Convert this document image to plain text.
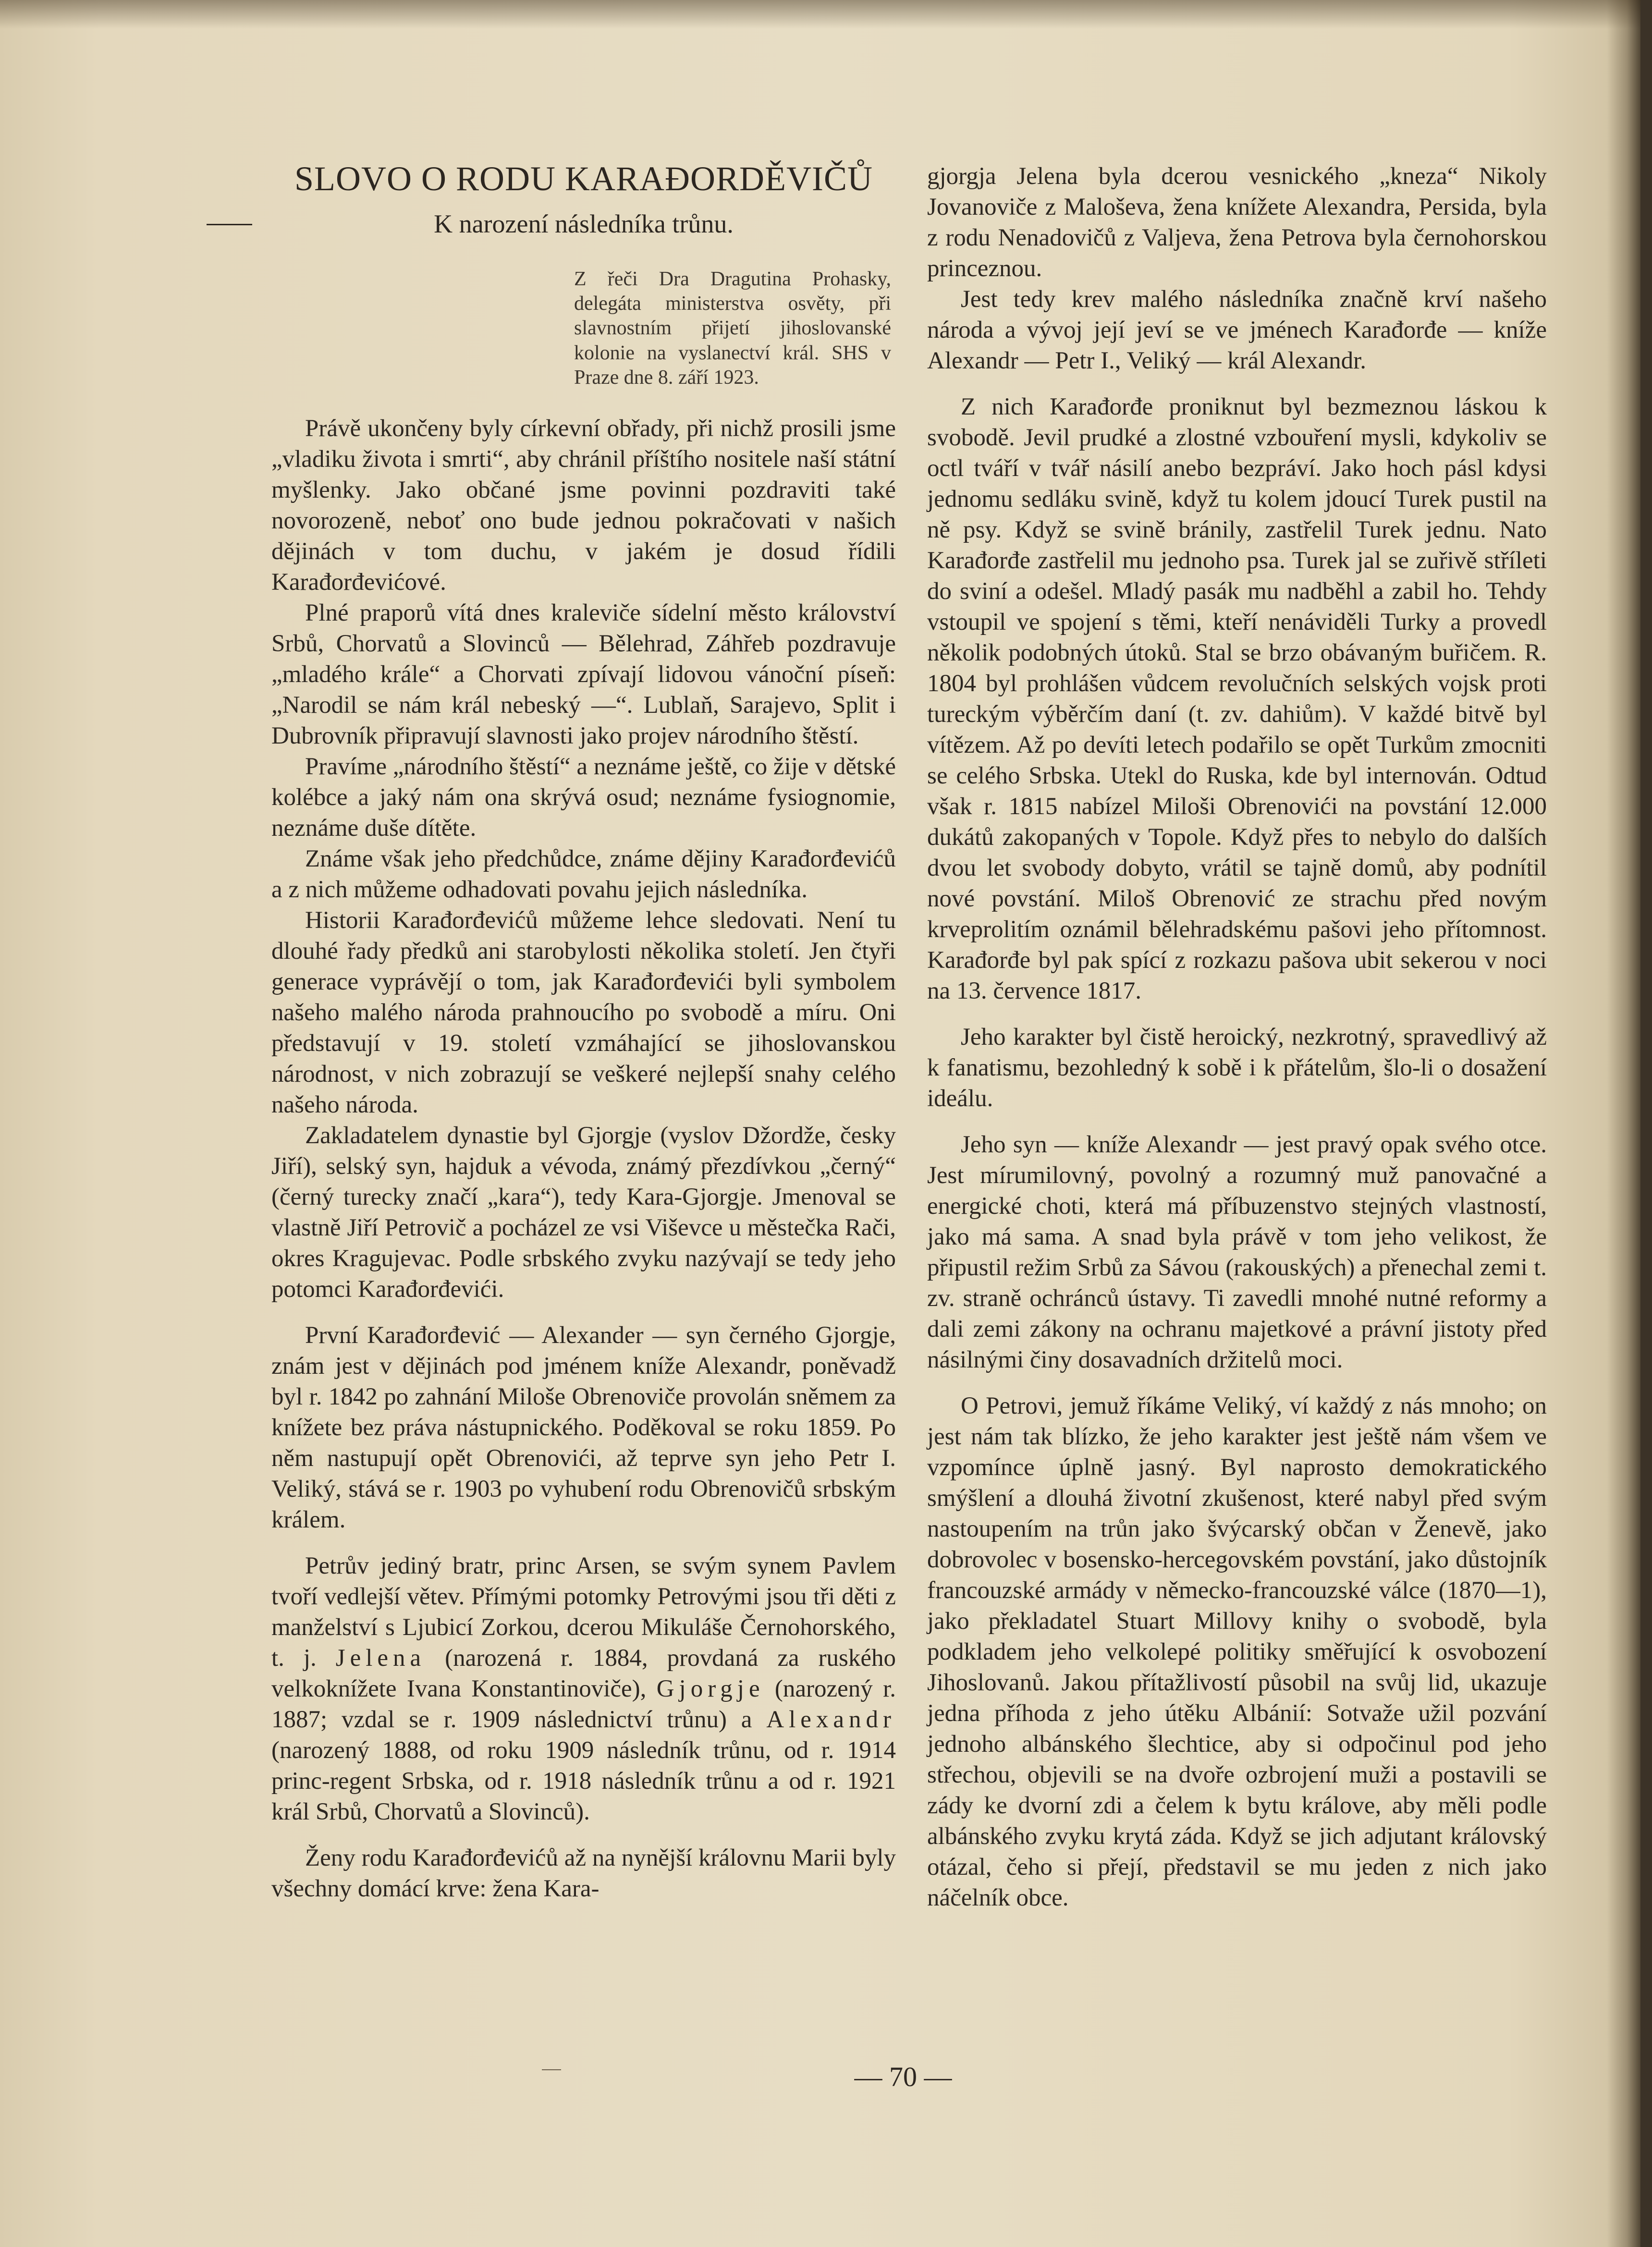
SLOVO O RODU KARAĐORDĚVIČŮ
K narození následníka trůnu.
Z řeči Dra Dragutina Prohasky, delegáta ministerstva osvěty, při slavnostním přijetí jihoslovanské kolonie na vyslanectví král. SHS v Praze dne 8. září 1923.

Právě ukončeny byly církevní obřady, při nichž prosili jsme „vladiku života i smrti“, aby chránil příštího nositele naší státní myšlenky. Jako občané jsme povinni pozdraviti také novorozeně, neboť ono bude jednou pokračovati v našich dějinách v tom duchu, v jakém je dosud řídili Karađorđevićové.

Plné praporů vítá dnes kraleviče sídelní město království Srbů, Chorvatů a Slovinců — Bělehrad, Záhřeb pozdravuje „mladého krále“ a Chorvati zpívají lidovou vánoční píseň: „Narodil se nám král nebeský —“. Lublaň, Sarajevo, Split i Dubrovník připravují slavnosti jako projev národního štěstí.

Pravíme „národního štěstí“ a neznáme ještě, co žije v dětské kolébce a jaký nám ona skrývá osud; neznáme fysiognomie, neznáme duše dítěte.

Známe však jeho předchůdce, známe dějiny Karađorđevićů a z nich můžeme odhadovati povahu jejich následníka.

Historii Karađorđevićů můžeme lehce sledovati. Není tu dlouhé řady předků ani starobylosti několika století. Jen čtyři generace vyprávějí o tom, jak Karađorđevići byli symbolem našeho malého národa prahnoucího po svobodě a míru. Oni představují v 19. století vzmáhající se jihoslovanskou národnost, v nich zobrazují se veškeré nejlepší snahy celého našeho národa.

Zakladatelem dynastie byl Gjorgje (vyslov Džordže, česky Jiří), selský syn, hajduk a vévoda, známý přezdívkou „černý“ (černý turecky značí „kara“), tedy Kara-Gjorgje. Jmenoval se vlastně Jiří Petrovič a pocházel ze vsi Viševce u městečka Rači, okres Kragujevac. Podle srbského zvyku nazývají se tedy jeho potomci Karađorđevići.

První Karađorđević — Alexander — syn černého Gjorgje, znám jest v dějinách pod jménem kníže Alexandr, poněvadž byl r. 1842 po zahnání Miloše Obrenoviče provolán sněmem za knížete bez práva nástupnického. Poděkoval se roku 1859. Po něm nastupují opět Obrenovići, až teprve syn jeho Petr I. Veliký, stává se r. 1903 po vyhubení rodu Obrenovičů srbským králem.

Petrův jediný bratr, princ Arsen, se svým synem Pavlem tvoří vedlejší větev. Přímými potomky Petrovými jsou tři děti z manželství s Ljubicí Zorkou, dcerou Mikuláše Černohorského, t. j. Jelena (narozená r. 1884, provdaná za ruského velkoknížete Ivana Konstantinoviče), Gjorgje (narozený r. 1887; vzdal se r. 1909 následnictví trůnu) a Alexandr (narozený 1888, od roku 1909 následník trůnu, od r. 1914 princ-regent Srbska, od r. 1918 následník trůnu a od r. 1921 král Srbů, Chorvatů a Slovinců).

Ženy rodu Karađorđevićů až na nynější královnu Marii byly všechny domácí krve: žena Kara-

gjorgja Jelena byla dcerou vesnického „kneza“ Nikoly Jovanoviče z Maloševa, žena knížete Alexandra, Persida, byla z rodu Nenadovičů z Valjeva, žena Petrova byla černohorskou princeznou.

Jest tedy krev malého následníka značně krví našeho národa a vývoj její jeví se ve jménech Karađorđe — kníže Alexandr — Petr I., Veliký — král Alexandr.

Z nich Karađorđe proniknut byl bezmeznou láskou k svobodě. Jevil prudké a zlostné vzbouření mysli, kdykoliv se octl tváří v tvář násilí anebo bezpráví. Jako hoch pásl kdysi jednomu sedláku svině, když tu kolem jdoucí Turek pustil na ně psy. Když se svině bránily, zastřelil Turek jednu. Nato Karađorđe zastřelil mu jednoho psa. Turek jal se zuřivě stříleti do sviní a odešel. Mladý pasák mu nadběhl a zabil ho. Tehdy vstoupil ve spojení s těmi, kteří nenáviděli Turky a provedl několik podobných útoků. Stal se brzo obávaným buřičem. R. 1804 byl prohlášen vůdcem revolučních selských vojsk proti tureckým výběrčím daní (t. zv. dahiům). V každé bitvě byl vítězem. Až po devíti letech podařilo se opět Turkům zmocniti se celého Srbska. Utekl do Ruska, kde byl internován. Odtud však r. 1815 nabízel Miloši Obrenovići na povstání 12.000 dukátů zakopaných v Topole. Když přes to nebylo do dalších dvou let svobody dobyto, vrátil se tajně domů, aby podnítil nové povstání. Miloš Obrenović ze strachu před novým krveprolitím oznámil bělehradskému pašovi jeho přítomnost. Karađorđe byl pak spící z rozkazu pašova ubit sekerou v noci na 13. července 1817.

Jeho karakter byl čistě heroický, nezkrotný, spravedlivý až k fanatismu, bezohledný k sobě i k přátelům, šlo-li o dosažení ideálu.

Jeho syn — kníže Alexandr — jest pravý opak svého otce. Jest mírumilovný, povolný a rozumný muž panovačné a energické choti, která má příbuzenstvo stejných vlastností, jako má sama. A snad byla právě v tom jeho velikost, že připustil režim Srbů za Sávou (rakouských) a přenechal zemi t. zv. straně ochránců ústavy. Ti zavedli mnohé nutné reformy a dali zemi zákony na ochranu majetkové a právní jistoty před násilnými činy dosavadních držitelů moci.

O Petrovi, jemuž říkáme Veliký, ví každý z nás mnoho; on jest nám tak blízko, že jeho karakter jest ještě nám všem ve vzpomínce úplně jasný. Byl naprosto demokratického smýšlení a dlouhá životní zkušenost, které nabyl před svým nastoupením na trůn jako švýcarský občan v Ženevě, jako dobrovolec v bosensko-hercegovském povstání, jako důstojník francouzské armády v německo-francouzské válce (1870—1), jako překladatel Stuart Millovy knihy o svobodě, byla podkladem jeho velkolepé politiky směřující k osvobození Jihoslovanů. Jakou přítažlivostí působil na svůj lid, ukazuje jedna příhoda z jeho útěku Albánií: Sotvaže užil pozvání jednoho albánského šlechtice, aby si odpočinul pod jeho střechou, objevili se na dvoře ozbrojení muži a postavili se zády ke dvorní zdi a čelem k bytu králove, aby měli podle albánského zvyku krytá záda. Když se jich adjutant královský otázal, čeho si přejí, představil se mu jeden z nich jako náčelník obce.

— 70 —
